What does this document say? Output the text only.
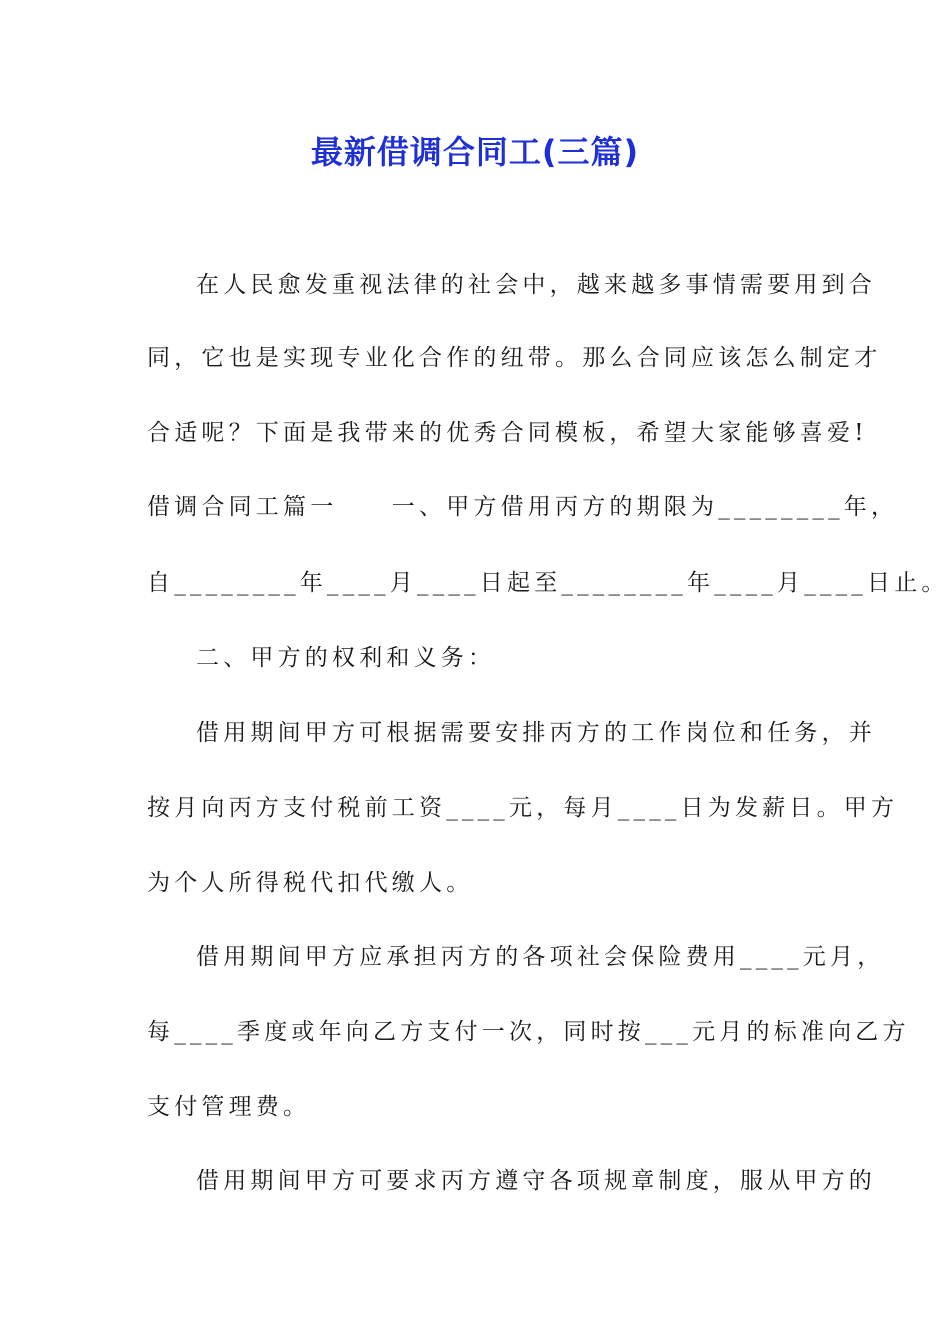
最新借调合同工(三篇)

在人民愈发重视法律的社会中，越来越多事情需要用到合

同，它也是实现专业化合作的纽带。那么合同应该怎么制定才

合适呢？下面是我带来的优秀合同模板，希望大家能够喜爱!

借调合同工篇一　　一、甲方借用丙方的期限为________年，

自________年____月____日起至________年____月____日止。

二、甲方的权利和义务：

借用期间甲方可根据需要安排丙方的工作岗位和任务，并

按月向丙方支付税前工资____元，每月____日为发薪日。甲方

为个人所得税代扣代缴人。

借用期间甲方应承担丙方的各项社会保险费用____元月，

每____季度或年向乙方支付一次，同时按___元月的标准向乙方

支付管理费。

借用期间甲方可要求丙方遵守各项规章制度，服从甲方的
